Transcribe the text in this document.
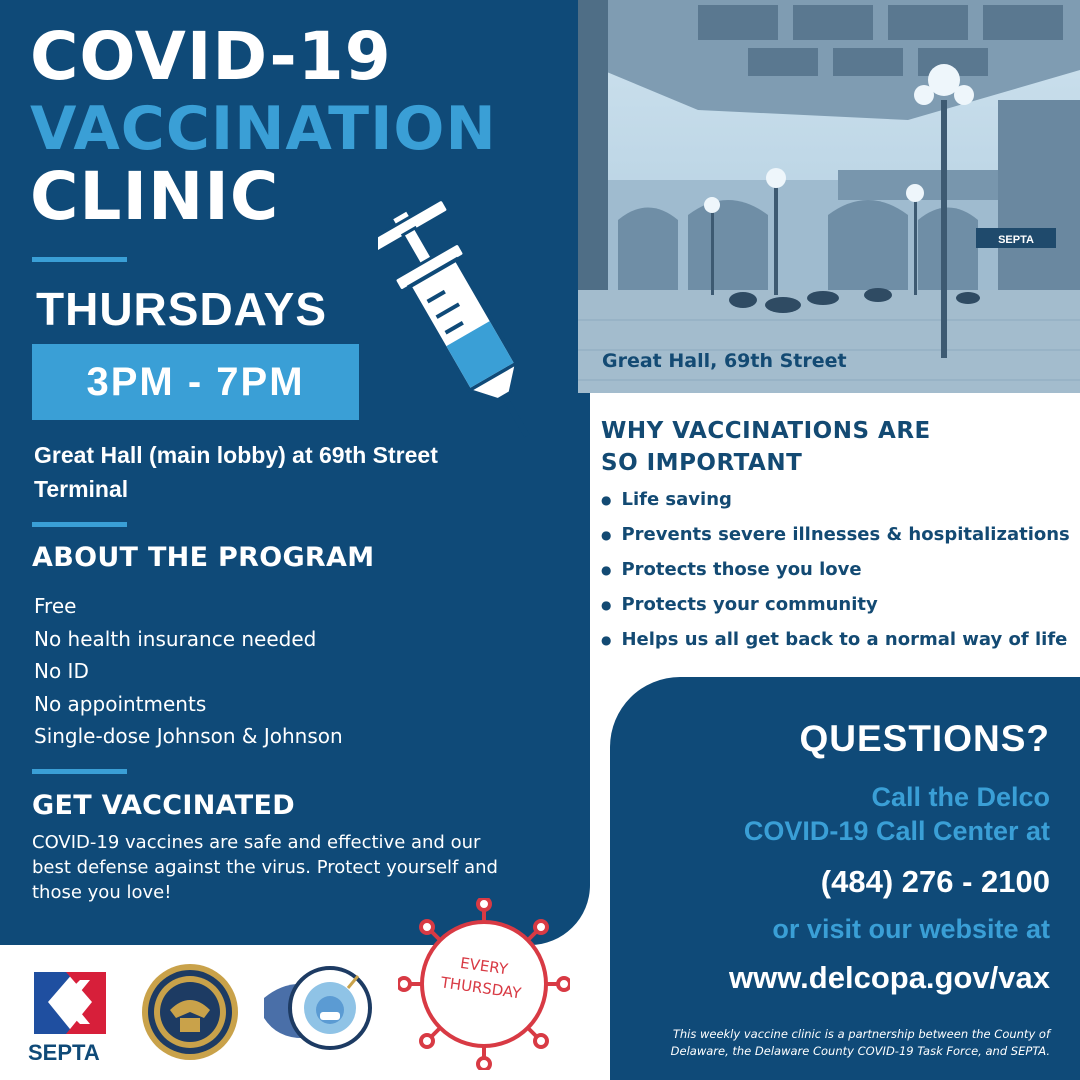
COVID-19
VACCINATION
CLINIC
THURSDAYS
3PM - 7PM
Great Hall (main lobby) at 69th Street Terminal
ABOUT THE PROGRAM
Free
No health insurance needed
No ID
No appointments
Single-dose Johnson & Johnson
GET VACCINATED
COVID-19 vaccines are safe and effective and our best defense against the virus. Protect yourself and those you love!
SEPTA
Great Hall, 69th Street
WHY VACCINATIONS ARE
SO IMPORTANT
● Life saving
● Prevents severe illnesses & hospitalizations
● Protects those you love
● Protects your community
● Helps us all get back to a normal way of life
QUESTIONS?
Call the Delco
COVID-19 Call Center at
(484) 276 - 2100
or visit our website at
www.delcopa.gov/vax
This weekly vaccine clinic is a partnership between the County of Delaware, the Delaware County COVID-19 Task Force, and SEPTA.
SEPTA
EVERY
THURSDAY
